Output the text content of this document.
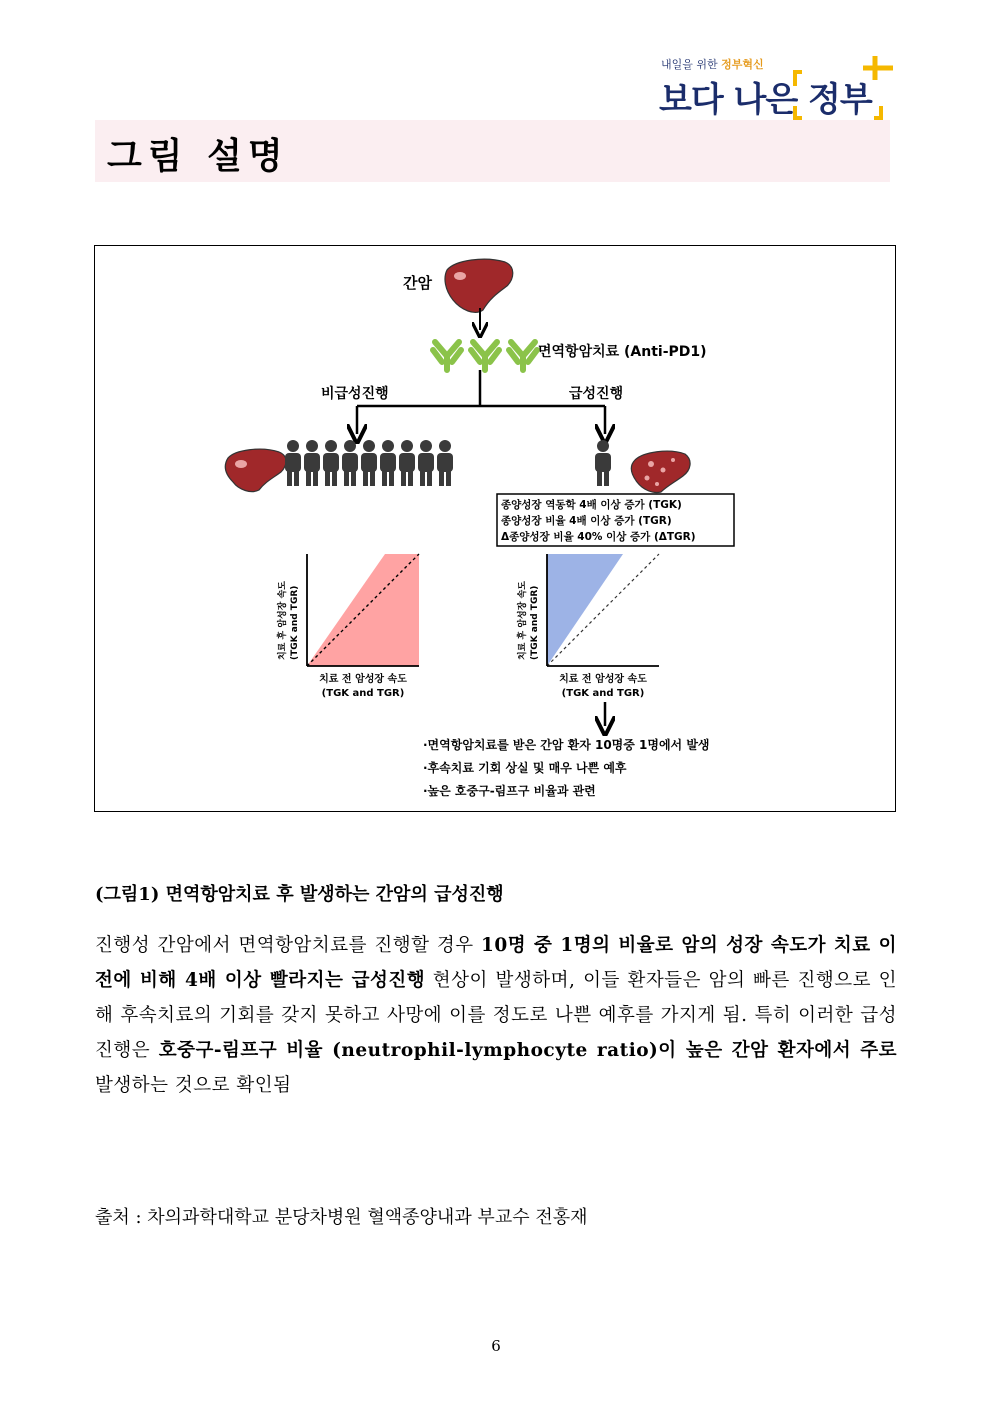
내일을 위한 정부혁신
보다 나은 정부
그림 설명
간암
면역항암치료 (Anti-PD1)
비급성진행	급성진행
종양성장 역동학 4배 이상 증가 (TGK)
종양성장 비율 4배 이상 증가 (TGR)
Δ종양성장 비율 40% 이상 증가 (ΔTGR)
치료 후 암성장 속도 (TGK and TGR)
치료 전 암성장 속도
(TGK and TGR)
치료 후 암성장 속도 (TGK and TGR)
치료 전 암성장 속도
(TGK and TGR)
·면역항암치료를 받은 간암 환자 10명중 1명에서 발생
·후속치료 기회 상실 및 매우 나쁜 예후
·높은 호중구-림프구 비율과 관련
(그림1) 면역항암치료 후 발생하는 간암의 급성진행
진행성 간암에서 면역항암치료를 진행할 경우 10명 중 1명의 비율로 암의 성장 속도가 치료 이전에 비해 4배 이상 빨라지는 급성진행 현상이 발생하며, 이들 환자들은 암의 빠른 진행으로 인해 후속치료의 기회를 갖지 못하고 사망에 이를 정도로 나쁜 예후를 가지게 됨. 특히 이러한 급성진행은 호중구-림프구 비율 (neutrophil-lymphocyte ratio)이 높은 간암 환자에서 주로 발생하는 것으로 확인됨
출처 : 차의과학대학교 분당차병원 혈액종양내과 부교수 전홍재
6
